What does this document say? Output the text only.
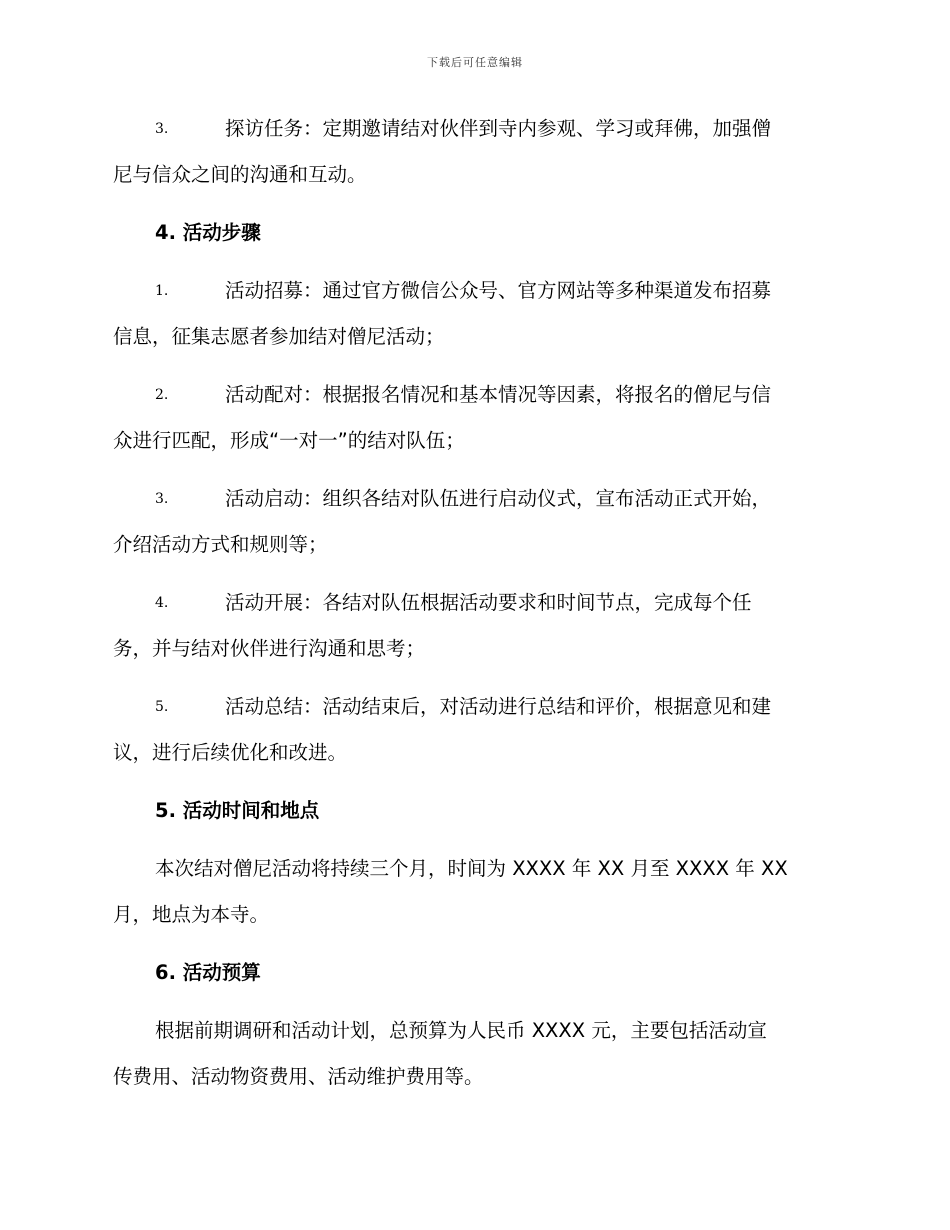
下载后可任意编辑
3.	探访任务：定期邀请结对伙伴到寺内参观、学习或拜佛，加强僧
尼与信众之间的沟通和互动。
4. 活动步骤
1.	活动招募：通过官方微信公众号、官方网站等多种渠道发布招募
信息，征集志愿者参加结对僧尼活动；
2.	活动配对：根据报名情况和基本情况等因素，将报名的僧尼与信
众进行匹配，形成“一对一”的结对队伍；
3.	活动启动：组织各结对队伍进行启动仪式，宣布活动正式开始，
介绍活动方式和规则等；
4.	活动开展：各结对队伍根据活动要求和时间节点，完成每个任
务，并与结对伙伴进行沟通和思考；
5.	活动总结：活动结束后，对活动进行总结和评价，根据意见和建
议，进行后续优化和改进。
5. 活动时间和地点
本次结对僧尼活动将持续三个月，时间为 XXXX 年 XX 月至 XXXX 年 XX
月，地点为本寺。
6. 活动预算
根据前期调研和活动计划，总预算为人民币 XXXX 元，主要包括活动宣
传费用、活动物资费用、活动维护费用等。
